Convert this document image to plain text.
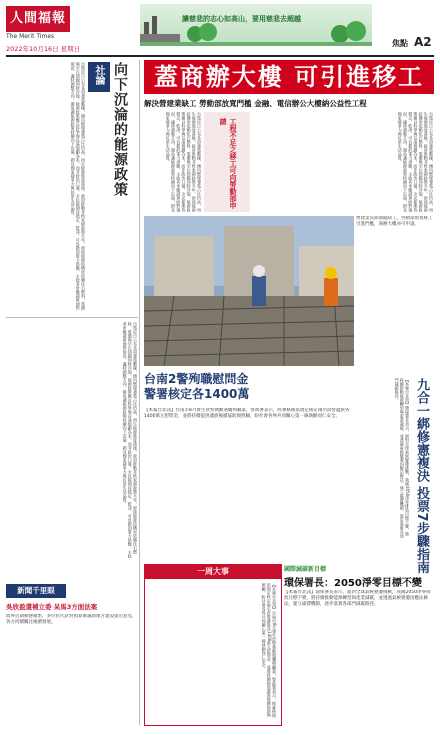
人間福報
The Merit Times
2022年10月16日 星期日
讓慈悲的志心如高山，要用慈悲去超越
焦點 A2
社論 向下沉淪的能源政策
台電近日公布各項發電數據，國內燃煤發電占比仍高，再生能源進度落後。政府推動非核家園政策多年，卻使能源結構更依賴化石燃料，電價與空污問題同時浮現。能源政策應以科學與長遠規劃為本，而非政治口號。全民都期待穩定、乾淨、可負擔的電力供應，主政者更應誠實面對現況，適時調整方向，避免讓能源政策持續向下沉淪，損及國家競爭力與民眾生活品質。
台電近日公布各項發電數據，國內燃煤發電占比仍高，再生能源進度落後。政府推動非核家園政策多年，卻使能源結構更依賴化石燃料，電價與空污問題同時浮現。能源政策應以科學與長遠規劃為本，而非政治口號。全民都期待穩定、乾淨、可負擔的電力供應，主政者更應誠實面對現況，適時調整方向，避免讓能源政策持續向下沉淪，損及國家競爭力與民眾生活品質。
蓋商辦大樓 可引進移工
解決營建業缺工 勞動部放寬門檻 金融、電信辦公大樓納公益性工程
台電近日公布各項發電數據，國內燃煤發電占比仍高，再生能源進度落後。政府推動非核家園政策多年，卻使能源結構更依賴化石燃料，電價與空污問題同時浮現。能源政策應以科學與長遠規劃為本，而非政治口號。全民都期待穩定、乾淨、可負擔的電力供應，主政者更應誠實面對現況，適時調整方向，避免讓能源政策持續向下沉淪，損及國家競爭力與民眾生活品質。	工程不足之移工可向勞動部申請	台電近日公布各項發電數據，國內燃煤發電占比仍高，再生能源進度落後。政府推動非核家園政策多年，卻使能源結構更依賴化石燃料，電價與空污問題同時浮現。能源政策應以科學與長遠規劃為本，而非政治口號。全民都期待穩定、乾淨、可負擔的電力供應，主政者更應誠實面對現況，適時調整方向，避免讓能源政策持續向下沉淪，損及國家競爭力與民眾生活品質。
營建業長期面臨缺工，勞動部放寬移工引進門檻，商辦大樓亦可申請。
九合一綁修憲複決 投票7步驟指南
【本報台北訊】環保署長表示，面對全球氣候變遷挑戰，我國2050淨零排放目標不變，將持續推動能源轉型與產業減碳，並透過氣候變遷因應法修法，建立碳費機制，逐步落實各部門減碳路徑。
台南2警殉職慰問金 警署核定各1400萬
【本報台北訊】台南市8月發生員警執勤遇襲殉職案，警政署表示，經審核後依規定核定兩名員警遺族各1400萬元慰問金，並將持續提供遺族後續協助與照顧，盼社會各界共同關心第一線執勤同仁安全。
一周大事
【本報台北訊】台南市8月發生員警執勤遇襲殉職案，警政署表示，經審核後依規定核定兩名員警遺族各1400萬元慰問金，並將持續提供遺族後續協助與照顧，盼社會各界共同關心第一線執勤同仁安全。
國際減碳新目標
環保署長：2050淨零目標不變
【本報台北訊】環保署長表示，面對全球氣候變遷挑戰，我國2050淨零排放目標不變，將持續推動能源轉型與產業減碳，並透過氣候變遷因應法修法，建立碳費機制，逐步落實各部門減碳路徑。
新聞千里眼
吳欣盈還補立委 呆馬3方面法案
政界近期動態頻繁，多位民代針對預算審議與地方建設提出意見，各方持續關注後續發展。
